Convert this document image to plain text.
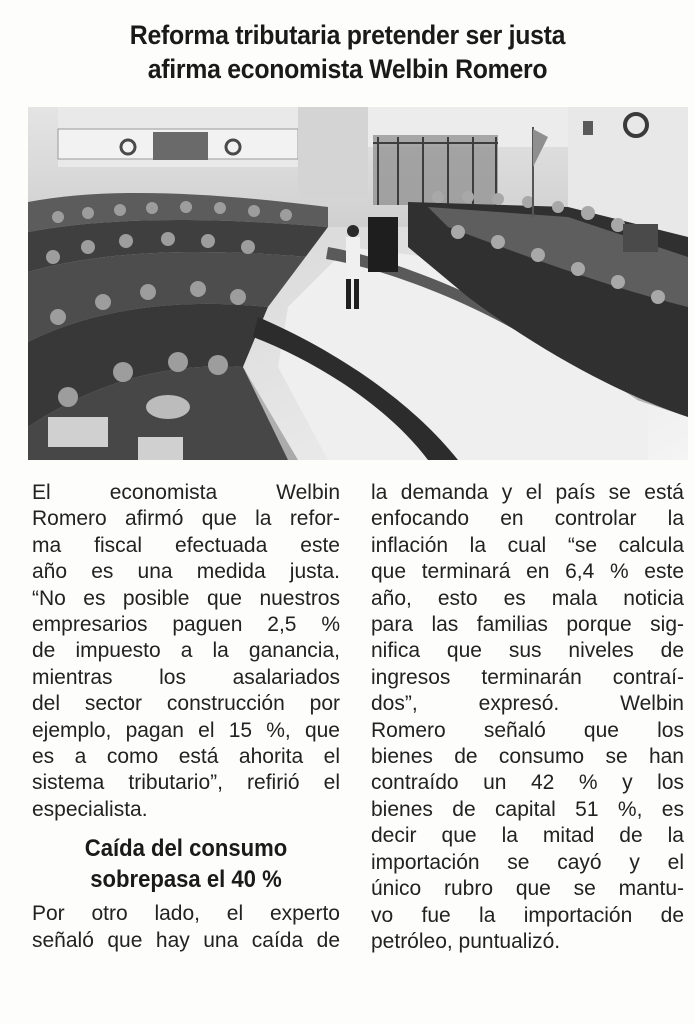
Reforma tributaria pretender ser justa
afirma economista Welbin Romero

El economista Welbin
Romero afirmó que la refor-
ma fiscal efectuada este
año es una medida justa.
“No es posible que nuestros
empresarios paguen 2,5 %
de impuesto a la ganancia,
mientras los asalariados
del sector construcción por
ejemplo, pagan el 15 %, que
es a como está ahorita el
sistema tributario”, refirió el
especialista.

Caída del consumo
sobrepasa el 40 %

Por otro lado, el experto
señaló que hay una caída de

la demanda y el país se está
enfocando en controlar la
inflación la cual “se calcula
que terminará en 6,4 % este
año, esto es mala noticia
para las familias porque sig-
nifica que sus niveles de
ingresos terminarán contraí-
dos”, expresó. Welbin
Romero señaló que los
bienes de consumo se han
contraído un 42 % y los
bienes de capital 51 %, es
decir que la mitad de la
importación se cayó y el
único rubro que se mantu-
vo fue la importación de
petróleo, puntualizó.
